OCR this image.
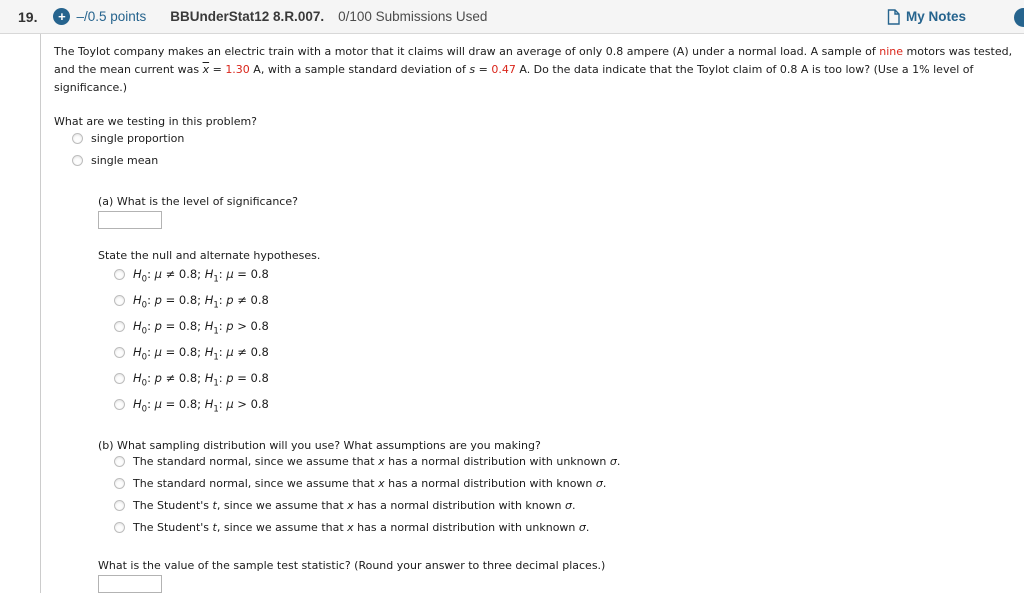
19.	+ –/0.5 points BBUnderStat12 8.R.007. 0/100 Submissions Used	My Notes
The Toylot company makes an electric train with a motor that it claims will draw an average of only 0.8 ampere (A) under a normal load. A sample of nine motors was tested, and the mean current was $\overline{x} = 1.30$ A, with a sample standard deviation of s = 0.47 A. Do the data indicate that the Toylot claim of 0.8 A is too low? (Use a 1% level of significance.)
What are we testing in this problem?
single proportion
single mean
(a) What is the level of significance?
State the null and alternate hypotheses.
$H_0$: μ ≠ 0.8; $H_1$: μ = 0.8
$H_0$: p = 0.8; $H_1$: p ≠ 0.8
$H_0$: p = 0.8; $H_1$: p > 0.8
$H_0$: μ = 0.8; $H_1$: μ ≠ 0.8
$H_0$: p ≠ 0.8; $H_1$: p = 0.8
$H_0$: μ = 0.8; $H_1$: μ > 0.8
(b) What sampling distribution will you use? What assumptions are you making?
The standard normal, since we assume that x has a normal distribution with unknown σ.
The standard normal, since we assume that x has a normal distribution with known σ.
The Student's t, since we assume that x has a normal distribution with known σ.
The Student's t, since we assume that x has a normal distribution with unknown σ.
What is the value of the sample test statistic? (Round your answer to three decimal places.)
